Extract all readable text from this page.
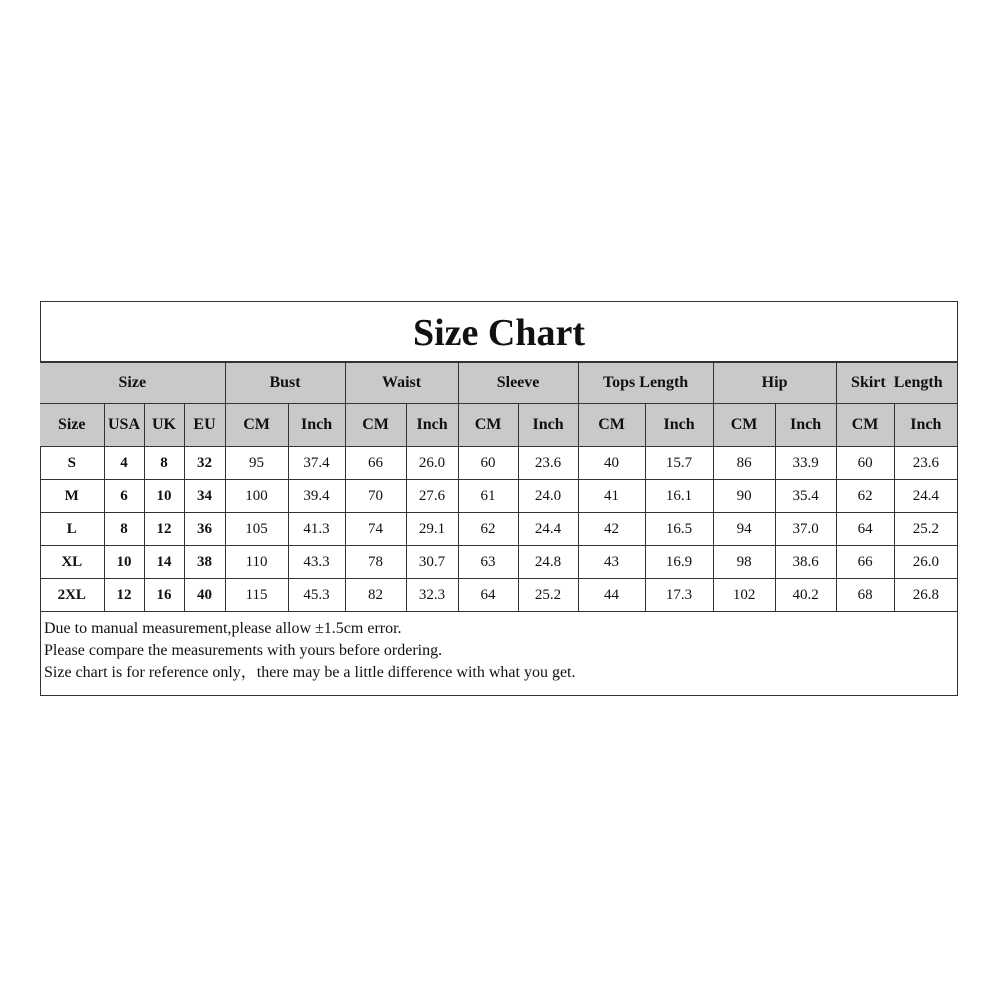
Size Chart
Size				Bust		Waist		Sleeve		Tops Length		Hip		Skirt  Length	
Size	USA	UK	EU	CM	Inch	CM	Inch	CM	Inch	CM	Inch	CM	Inch	CM	Inch
S	4	8	32	95	37.4	66	26.0	60	23.6	40	15.7	86	33.9	60	23.6
M	6	10	34	100	39.4	70	27.6	61	24.0	41	16.1	90	35.4	62	24.4
L	8	12	36	105	41.3	74	29.1	62	24.4	42	16.5	94	37.0	64	25.2
XL	10	14	38	110	43.3	78	30.7	63	24.8	43	16.9	98	38.6	66	26.0
2XL	12	16	40	115	45.3	82	32.3	64	25.2	44	17.3	102	40.2	68	26.8
Due to manual measurement,please allow ±1.5cm error.
Please compare the measurements with yours before ordering.
Size chart is for reference only，there may be a little difference with what you get.
